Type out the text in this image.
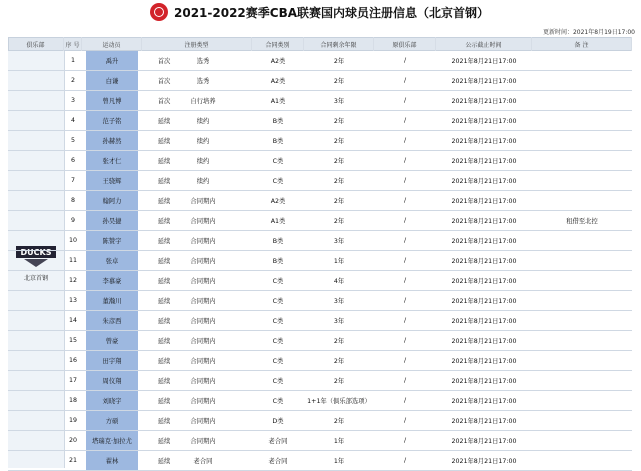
2021-2022赛季CBA联赛国内球员注册信息（北京首钢）
更新时间：2021年8月19日17:00
俱乐部	序 号	运动员	注册类型	合同类别	合同剩余年限	原俱乐部	公示截止时间	备 注
DUCKS
北京首钢
1	禹升	首次	选秀	A2类	2年	/	2021年8月21日17:00
2	白谦	首次	选秀	A2类	2年	/	2021年8月21日17:00
3	曾凡博	首次	自行培养	A1类	3年	/	2021年8月21日17:00
4	范子铭	延续	续约	B类	2年	/	2021年8月21日17:00
5	孙赫然	延续	续约	B类	2年	/	2021年8月21日17:00
6	张才仁	延续	续约	C类	2年	/	2021年8月21日17:00
7	王骁辉	延续	续约	C类	2年	/	2021年8月21日17:00
8	翰阿力	延续	合同期内	A2类	2年	/	2021年8月21日17:00
9	孙昊捷	延续	合同期内	A1类	2年	/	2021年8月21日17:00	租借至北控
10	陈赞宇	延续	合同期内	B类	3年	/	2021年8月21日17:00
11	张卓	延续	合同期内	B类	1年	/	2021年8月21日17:00
12	李慕豪	延续	合同期内	C类	4年	/	2021年8月21日17:00
13	董瀚川	延续	合同期内	C类	3年	/	2021年8月21日17:00
14	朱彦西	延续	合同期内	C类	3年	/	2021年8月21日17:00
15	曾豪	延续	合同期内	C类	2年	/	2021年8月21日17:00
16	田宇翔	延续	合同期内	C类	2年	/	2021年8月21日17:00
17	周仪翔	延续	合同期内	C类	2年	/	2021年8月21日17:00
18	刘晓宇	延续	合同期内	C类	1+1年（俱乐部选项）	/	2021年8月21日17:00
19	方硕	延续	合同期内	D类	2年	/	2021年8月21日17:00
20	塔瑞克·加拉尤	延续	合同期内	老合同	1年	/	2021年8月21日17:00
21	翟林	延续	老合同	老合同	1年	/	2021年8月21日17:00
